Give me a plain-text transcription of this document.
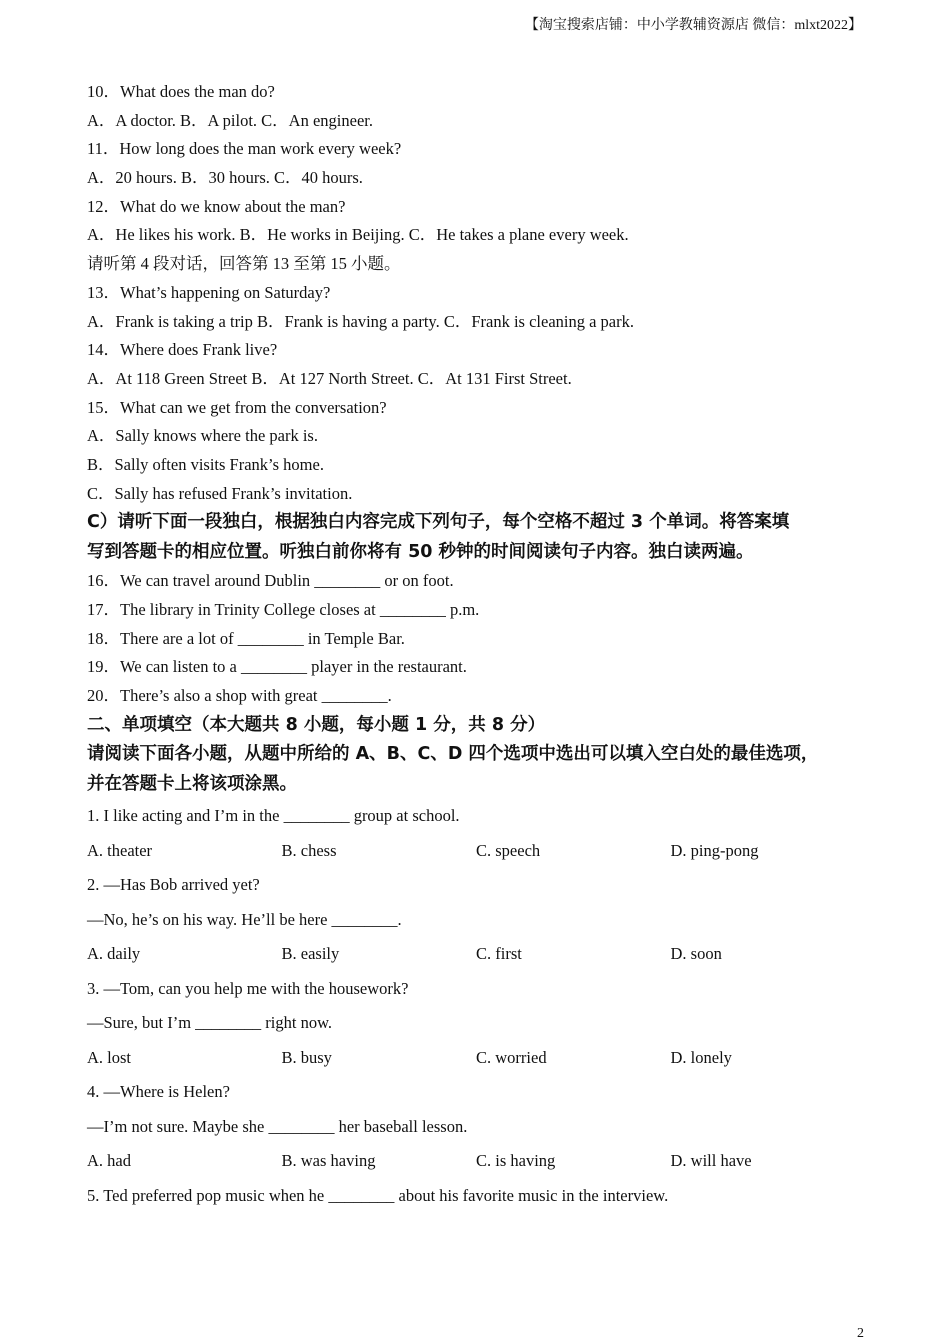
【淘宝搜索店铺：中小学教辅资源店 微信：mlxt2022】
10．What does the man do?
A．A doctor. B．A pilot. C．An engineer.
11．How long does the man work every week?
A．20 hours. B．30 hours. C．40 hours.
12．What do we know about the man?
A．He likes his work. B．He works in Beijing. C．He takes a plane every week.
请听第 4 段对话，回答第 13 至第 15 小题。
13．What’s happening on Saturday?
A．Frank is taking a trip B．Frank is having a party. C．Frank is cleaning a park.
14．Where does Frank live?
A．At 118 Green Street B．At 127 North Street. C．At 131 First Street.
15．What can we get from the conversation?
A．Sally knows where the park is.
B．Sally often visits Frank’s home.
C．Sally has refused Frank’s invitation.
C）请听下面一段独白，根据独白内容完成下列句子，每个空格不超过 3 个单词。将答案填
写到答题卡的相应位置。听独白前你将有 50 秒钟的时间阅读句子内容。独白读两遍。
16．We can travel around Dublin ________ or on foot.
17．The library in Trinity College closes at ________ p.m.
18．There are a lot of ________ in Temple Bar.
19．We can listen to a ________ player in the restaurant.
20．There’s also a shop with great ________.
二、单项填空（本大题共 8 小题，每小题 1 分，共 8 分）
请阅读下面各小题，从题中所给的 A、B、C、D 四个选项中选出可以填入空白处的最佳选项，
并在答题卡上将该项涂黑。
1. I like acting and I’m in the ________ group at school.
A. theater	B. chess	C. speech	D. ping-pong
2. —Has Bob arrived yet?
—No, he’s on his way. He’ll be here ________.
A. daily	B. easily	C. first	D. soon
3. —Tom, can you help me with the housework?
—Sure, but I’m ________ right now.
A. lost	B. busy	C. worried	D. lonely
4. —Where is Helen?
—I’m not sure. Maybe she ________ her baseball lesson.
A. had	B. was having	C. is having	D. will have
5. Ted preferred pop music when he ________ about his favorite music in the interview.
2
